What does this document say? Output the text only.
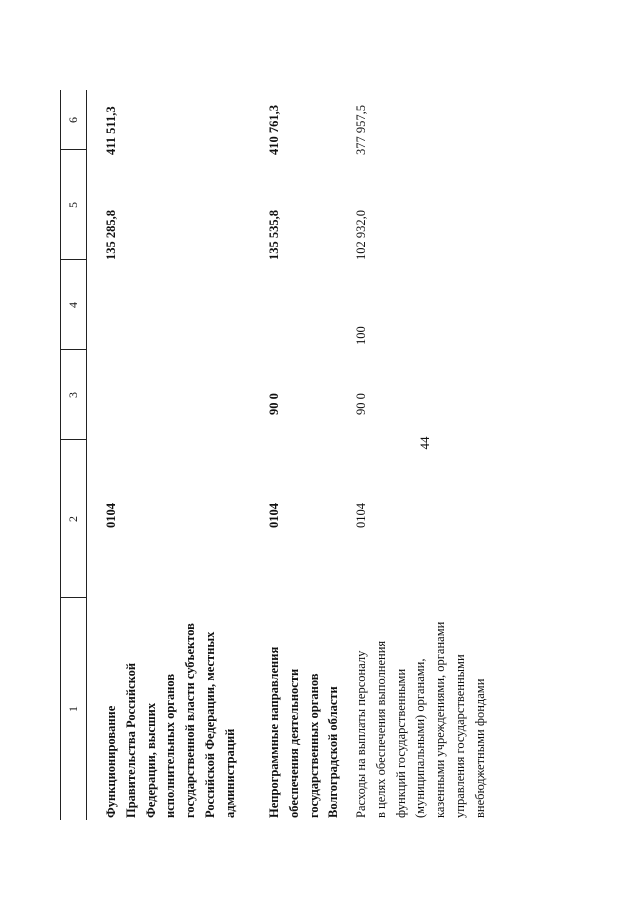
44
1
2
3
4
5
6
Функционирование Правительства Российской Федерации, высших исполнительных органов государственной власти субъектов Российской Федерации, местных администраций
0104
135 285,8
411 511,3
Непрограммные направления обеспечения деятельности государственных органов Волгоградской области
0104
90 0
135 535,8
410 761,3
Расходы на выплаты персоналу в целях обеспечения выполнения функций государственными (муниципальными) органами, казенными учреждениями, органами управления государственными внебюджетными фондами
0104
90 0
100
102 932,0
377 957,5
